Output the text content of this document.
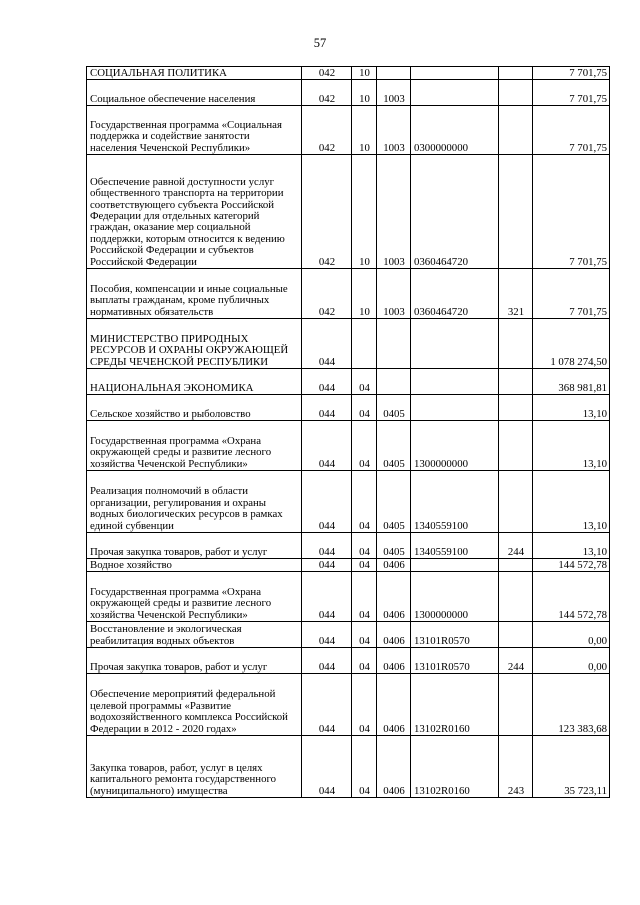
57
СОЦИАЛЬНАЯ ПОЛИТИКА	042	10				7 701,75
Социальное обеспечение населения	042	10	1003			7 701,75
Государственная программа «Социальная поддержка и содействие занятости населения Чеченской Республики»	042	10	1003	0300000000		7 701,75
Обеспечение равной доступности услуг общественного транспорта на территории соответствующего субъекта Российской Федерации для отдельных категорий граждан, оказание мер социальной поддержки, которым относится к ведению Российской Федерации и субъектов Российской Федерации	042	10	1003	0360464720		7 701,75
Пособия, компенсации и иные социальные выплаты гражданам, кроме публичных нормативных обязательств	042	10	1003	0360464720	321	7 701,75
МИНИСТЕРСТВО ПРИРОДНЫХ РЕСУРСОВ И ОХРАНЫ ОКРУЖАЮЩЕЙ СРЕДЫ ЧЕЧЕНСКОЙ РЕСПУБЛИКИ	044					1 078 274,50
НАЦИОНАЛЬНАЯ ЭКОНОМИКА	044	04				368 981,81
Сельское хозяйство и рыболовство	044	04	0405			13,10
Государственная программа «Охрана окружающей среды и развитие лесного хозяйства Чеченской Республики»	044	04	0405	1300000000		13,10
Реализация полномочий в области организации, регулирования и охраны водных биологических ресурсов в рамках единой субвенции	044	04	0405	1340559100		13,10
Прочая закупка товаров, работ и услуг	044	04	0405	1340559100	244	13,10
Водное хозяйство	044	04	0406			144 572,78
Государственная программа «Охрана окружающей среды и развитие лесного хозяйства Чеченской Республики»	044	04	0406	1300000000		144 572,78
Восстановление и экологическая реабилитация водных объектов	044	04	0406	13101R0570		0,00
Прочая закупка товаров, работ и услуг	044	04	0406	13101R0570	244	0,00
Обеспечение мероприятий федеральной целевой программы «Развитие водохозяйственного комплекса Российской Федерации в 2012 - 2020 годах»	044	04	0406	13102R0160		123 383,68
Закупка товаров, работ, услуг в целях капитального ремонта государственного (муниципального) имущества	044	04	0406	13102R0160	243	35 723,11
